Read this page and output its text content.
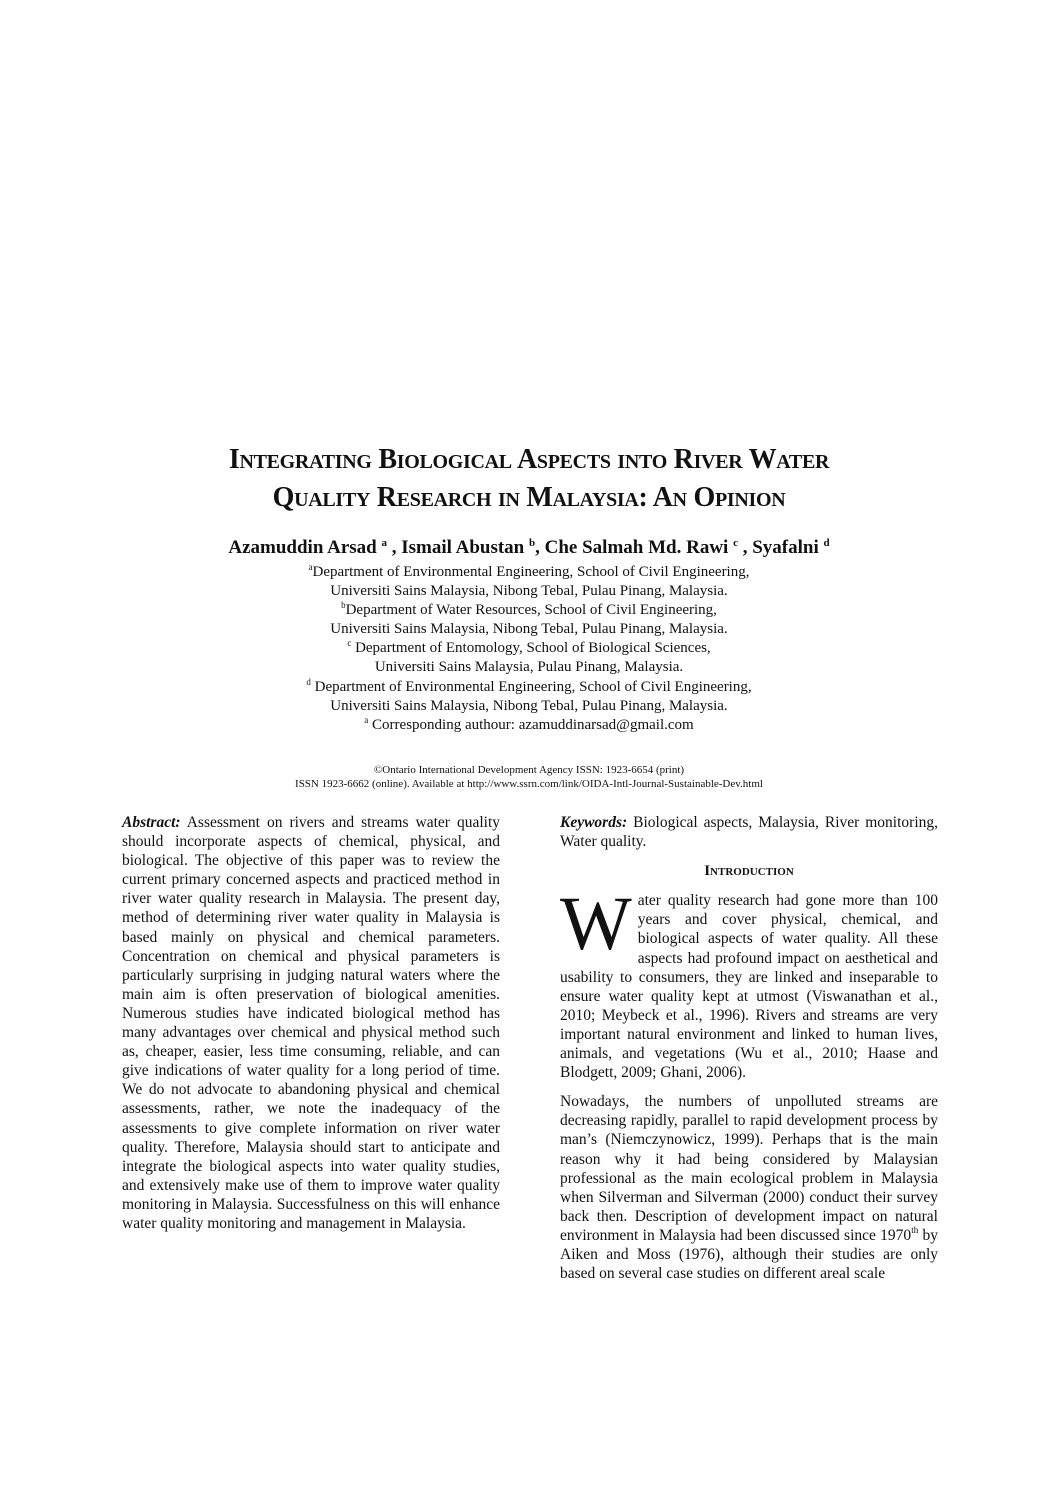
Integrating Biological Aspects into River Water
Quality Research in Malaysia: An Opinion
Azamuddin Arsad $^a$ , Ismail Abustan $^b$, Che Salmah Md. Rawi $^c$ , Syafalni $^d$
$^a$Department of Environmental Engineering, School of Civil Engineering,
Universiti Sains Malaysia, Nibong Tebal, Pulau Pinang, Malaysia.
$^b$Department of Water Resources, School of Civil Engineering,
Universiti Sains Malaysia, Nibong Tebal, Pulau Pinang, Malaysia.
$^c$ Department of Entomology, School of Biological Sciences,
Universiti Sains Malaysia, Pulau Pinang, Malaysia.
$^d$ Department of Environmental Engineering, School of Civil Engineering,
Universiti Sains Malaysia, Nibong Tebal, Pulau Pinang, Malaysia.
$^a$ Corresponding authour: azamuddinarsad@gmail.com
©Ontario International Development Agency ISSN: 1923-6654 (print)
ISSN 1923-6662 (online). Available at http://www.ssrn.com/link/OIDA-Intl-Journal-Sustainable-Dev.html

Abstract: Assessment on rivers and streams water quality should incorporate aspects of chemical, physical, and biological. The objective of this paper was to review the current primary concerned aspects and practiced method in river water quality research in Malaysia. The present day, method of determining river water quality in Malaysia is based mainly on physical and chemical parameters. Concentration on chemical and physical parameters is particularly surprising in judging natural waters where the main aim is often preservation of biological amenities. Numerous studies have indicated biological method has many advantages over chemical and physical method such as, cheaper, easier, less time consuming, reliable, and can give indications of water quality for a long period of time. We do not advocate to abandoning physical and chemical assessments, rather, we note the inadequacy of the assessments to give complete information on river water quality. Therefore, Malaysia should start to anticipate and integrate the biological aspects into water quality studies, and extensively make use of them to improve water quality monitoring in Malaysia. Successfulness on this will enhance water quality monitoring and management in Malaysia.

Keywords: Biological aspects, Malaysia, River monitoring, Water quality.

Introduction

Water quality research had gone more than 100 years and cover physical, chemical, and biological aspects of water quality. All these aspects had profound impact on aesthetical and usability to consumers, they are linked and inseparable to ensure water quality kept at utmost (Viswanathan et al., 2010; Meybeck et al., 1996). Rivers and streams are very important natural environment and linked to human lives, animals, and vegetations (Wu et al., 2010; Haase and Blodgett, 2009; Ghani, 2006).

Nowadays, the numbers of unpolluted streams are decreasing rapidly, parallel to rapid development process by man’s (Niemczynowicz, 1999). Perhaps that is the main reason why it had being considered by Malaysian professional as the main ecological problem in Malaysia when Silverman and Silverman (2000) conduct their survey back then. Description of development impact on natural environment in Malaysia had been discussed since 1970th by Aiken and Moss (1976), although their studies are only based on several case studies on different areal scale
